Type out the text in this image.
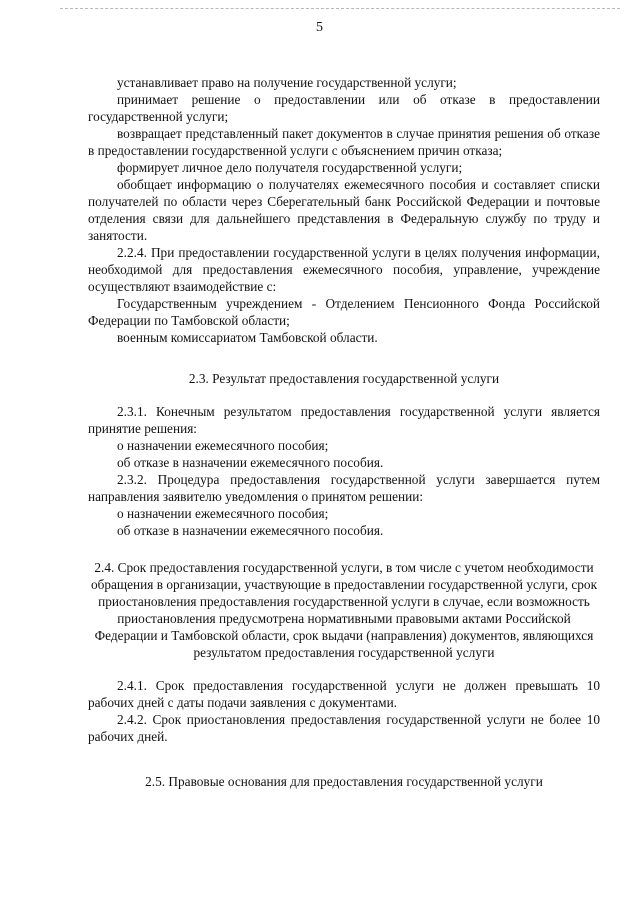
5

устанавливает право на получение государственной услуги;

принимает решение о предоставлении или об отказе в предоставлении государственной услуги;

возвращает представленный пакет документов в случае принятия решения об отказе в предоставлении государственной услуги с объяснением причин отказа;

формирует личное дело получателя государственной услуги;

обобщает информацию о получателях ежемесячного пособия и составляет списки получателей по области через Сберегательный банк Российской Федерации и почтовые отделения связи для дальнейшего представления в Федеральную службу по труду и занятости.

2.2.4. При предоставлении государственной услуги в целях получения информации, необходимой для предоставления ежемесячного пособия, управление, учреждение осуществляют взаимодействие с:

Государственным учреждением - Отделением Пенсионного Фонда Российской Федерации по Тамбовской области;

военным комиссариатом Тамбовской области.

2.3. Результат предоставления государственной услуги

2.3.1. Конечным результатом предоставления государственной услуги является принятие решения:

о назначении ежемесячного пособия;

об отказе в назначении ежемесячного пособия.

2.3.2. Процедура предоставления государственной услуги завершается путем направления заявителю уведомления о принятом решении:

о назначении ежемесячного пособия;

об отказе в назначении ежемесячного пособия.

2.4. Срок предоставления государственной услуги, в том числе с учетом необходимости обращения в организации, участвующие в предоставлении государственной услуги, срок приостановления предоставления государственной услуги в случае, если возможность приостановления предусмотрена нормативными правовыми актами Российской Федерации и Тамбовской области, срок выдачи (направления) документов, являющихся результатом предоставления государственной услуги

2.4.1. Срок предоставления государственной услуги не должен превышать 10 рабочих дней с даты подачи заявления с документами.

2.4.2. Срок приостановления предоставления государственной услуги не более 10 рабочих дней.

2.5. Правовые основания для предоставления государственной услуги
